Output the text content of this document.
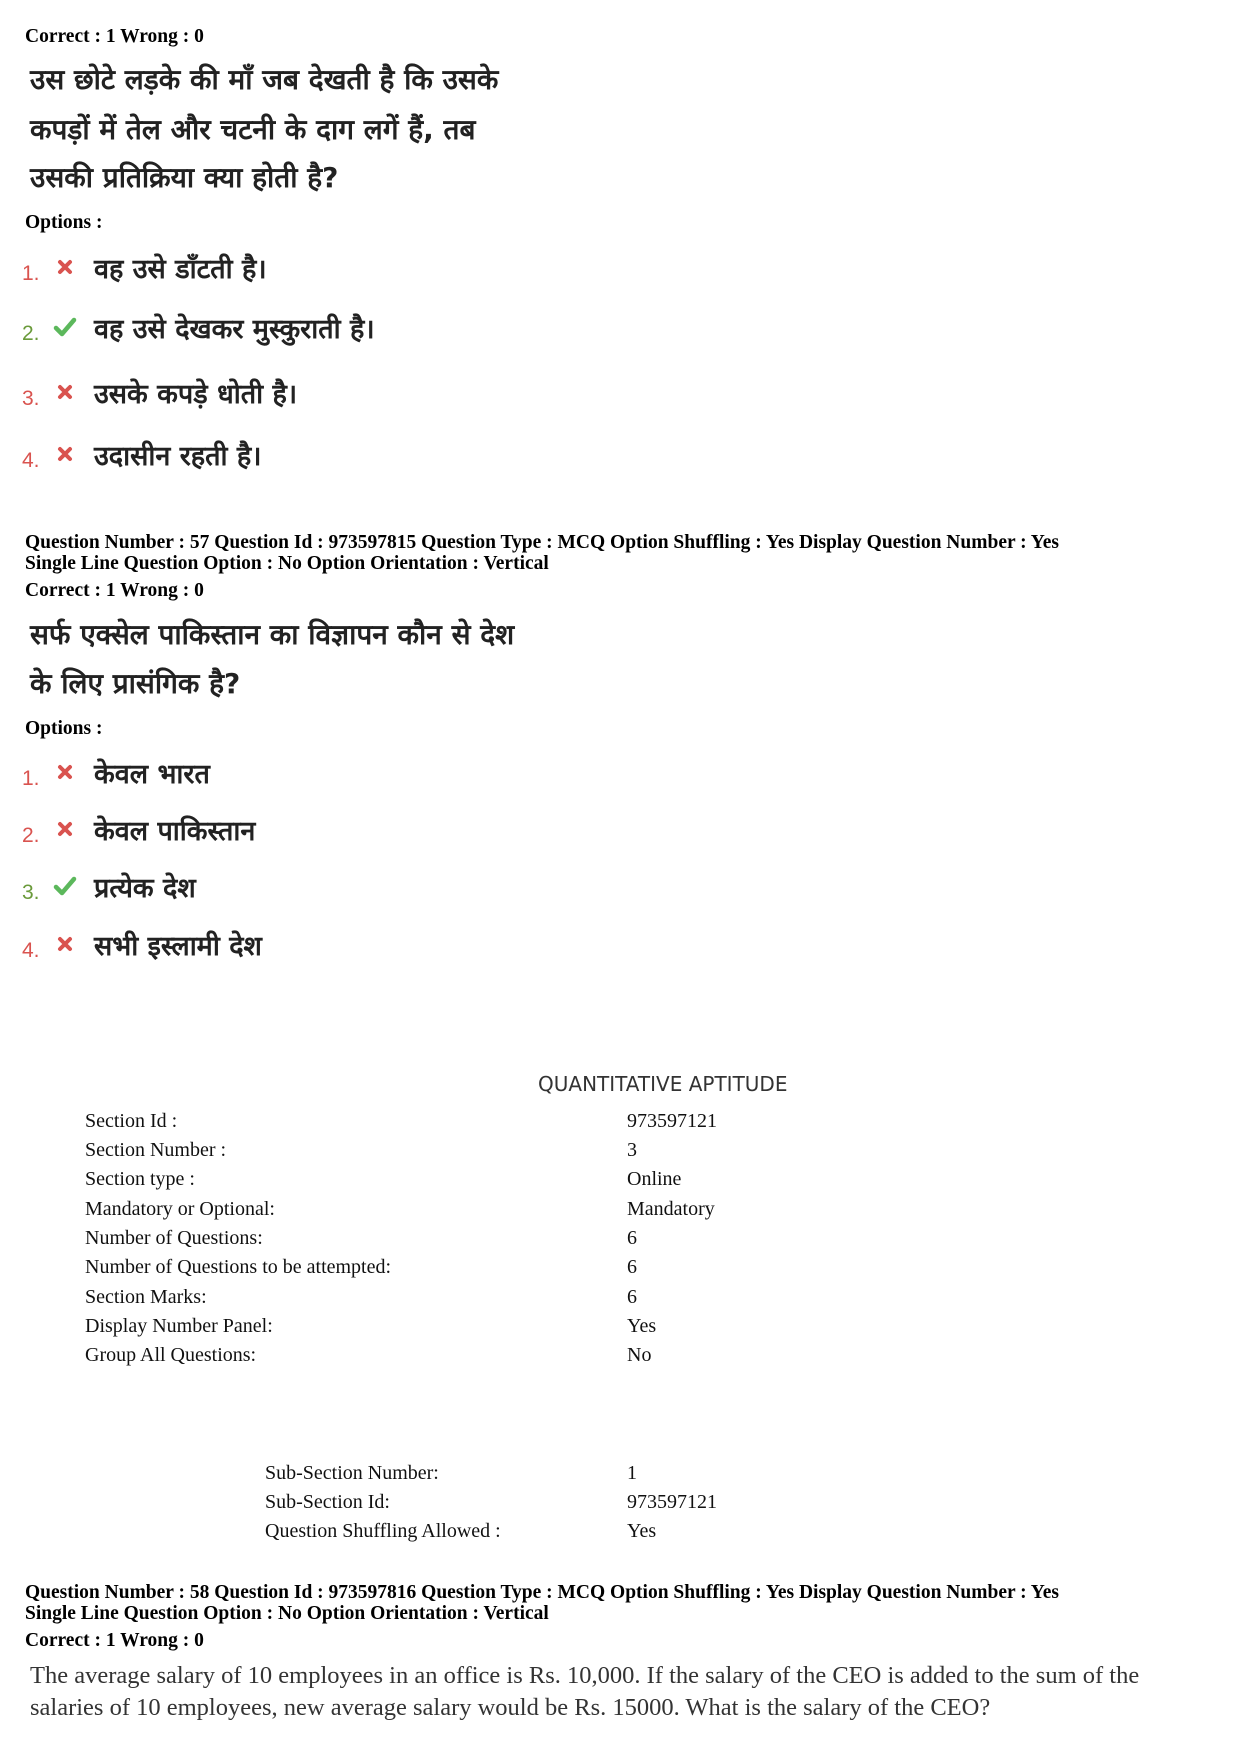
Correct : 1 Wrong : 0
उस छोटे लड़के की माँ जब देखती है कि उसके
कपड़ों में तेल और चटनी के दाग लगें हैं, तब
उसकी प्रतिक्रिया क्या होती है?
Options :
1.	वह उसे डाँटती है।
2.	वह उसे देखकर मुस्कुराती है।
3.	उसके कपड़े धोती है।
4.	उदासीन रहती है।
Question Number : 57 Question Id : 973597815 Question Type : MCQ Option Shuffling : Yes Display Question Number : Yes
Single Line Question Option : No Option Orientation : Vertical
Correct : 1 Wrong : 0
सर्फ एक्सेल पाकिस्तान का विज्ञापन कौन से देश
के लिए प्रासंगिक है?
Options :
1.	केवल भारत
2.	केवल पाकिस्तान
3.	प्रत्येक देश
4.	सभी इस्लामी देश
QUANTITATIVE APTITUDE
Section Id :	973597121
Section Number :	3
Section type :	Online
Mandatory or Optional:	Mandatory
Number of Questions:	6
Number of Questions to be attempted:	6
Section Marks:	6
Display Number Panel:	Yes
Group All Questions:	No
Sub-Section Number:	1
Sub-Section Id:	973597121
Question Shuffling Allowed :	Yes
Question Number : 58 Question Id : 973597816 Question Type : MCQ Option Shuffling : Yes Display Question Number : Yes
Single Line Question Option : No Option Orientation : Vertical
Correct : 1 Wrong : 0
The average salary of 10 employees in an office is Rs. 10,000. If the salary of the CEO is added to the sum of the
salaries of 10 employees, new average salary would be Rs. 15000. What is the salary of the CEO?
